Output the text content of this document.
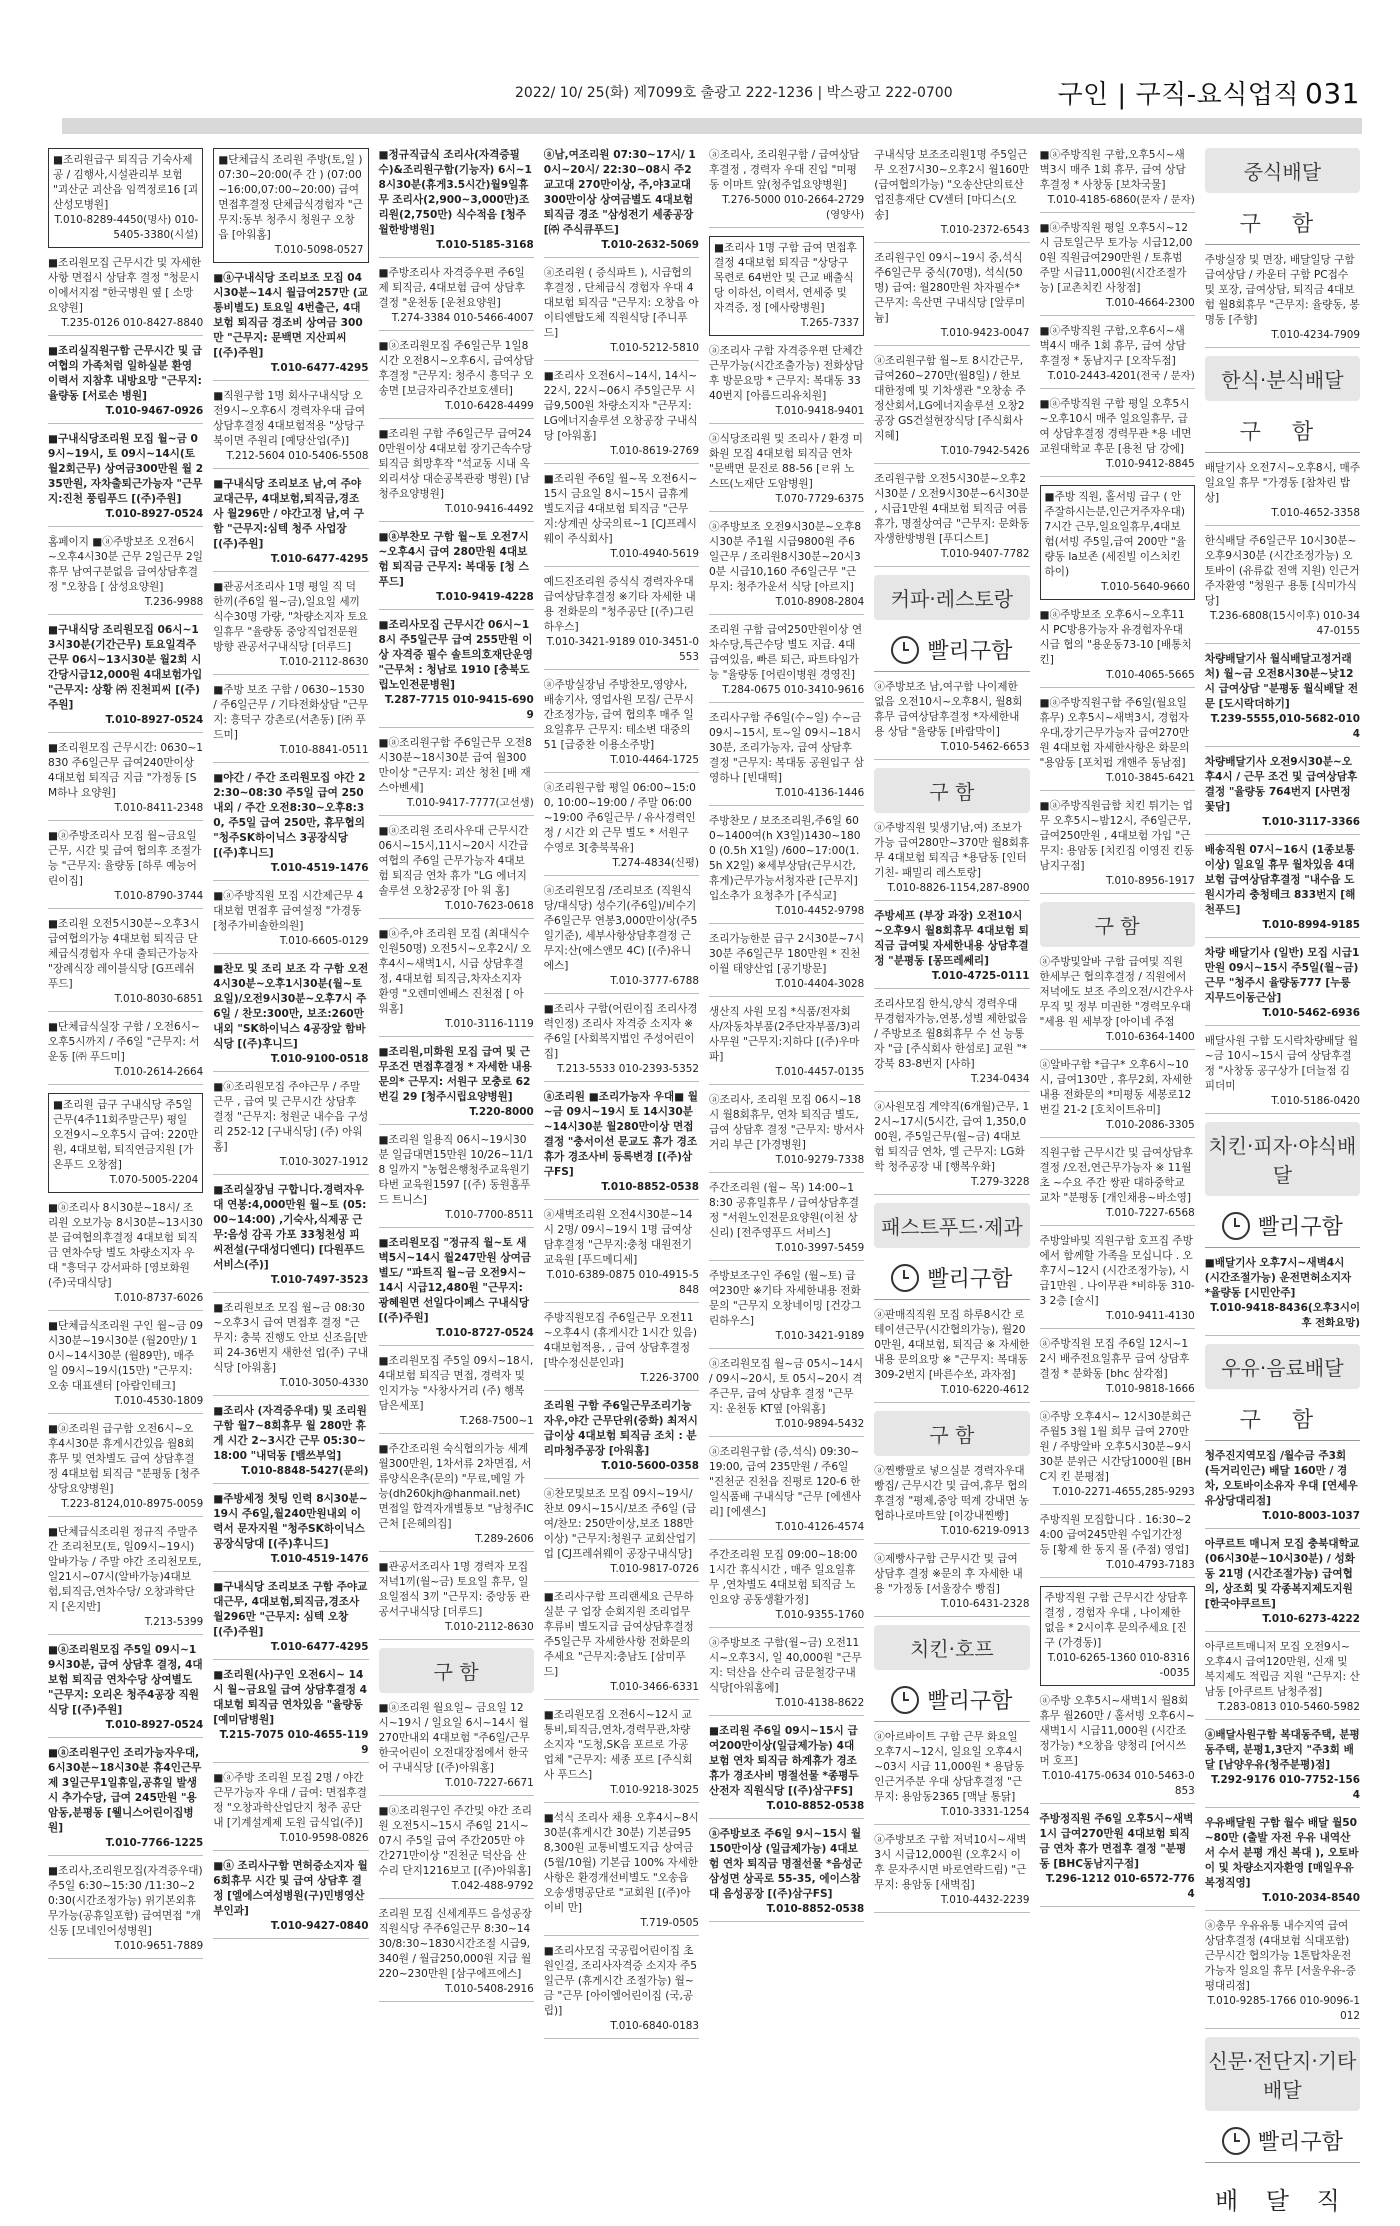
2022/ 10/ 25(화) 제7099호 출광고 222-1236 | 박스광고 222-0700	구인 | 구직-요식업직 031
■조리원급구 퇴직금 기숙사제공 / 김행사,시설관리부 보험 "괴산군 괴산읍 임꺽정로16 [괴산성모병원]
T.010-8289-4450(명사) 010-5405-3380(시설)
■조리원모집 근무시간 및 자세한사항 면접시 상담후 결정 "청문시 이에서지점 "한국병원 옆 [ 소망요양원]
T.235-0126 010-8427-8840
■조리실직원구함 근무시간 및 급여협의 가족처럼 일하실분 환영 이력서 지참후 내방요망 "근무지: 율량동 [서로손 병원]
T.010-9467-0926
■구내식당조리원 모집 월~금 09시~19시, 토 09시~14시(토 월2회근무) 상여금300만원 월 235만원, 자차출퇴근가능자 "근무지:진천 풍림푸드 [(주)주원]
T.010-8927-0524
홈페이지 ■ⓐ주방보조 오전6시~오후4시30분 근무 2일근무 2일휴무 남여구분없음 급여상담후결정 "오창읍 [ 삼성요양원]
T.236-9988
■구내식당 조리원모집 06시~13시30분(기간근무) 토요일격주근무 06시~13시30분 월2회 시간당시급12,000원 4대보험가입 "근무지: 상황 ㈜ 진천피씨 [(주)주원]
T.010-8927-0524
■조리원모집 근무시간: 0630~1830 주6일근무 급여240만이상 4대보험 퇴직금 지급 "가정동 [SM하나 요양원]
T.010-8411-2348
■ⓐ주방조리사 모집 월~금요일 근무, 시간 및 급여 협의후 조절가능 "근무지: 율량동 [하루 예능어린이집]
T.010-8790-3744
■조리원 오전5시30분~오후3시 급여협의가능 4대보험 퇴직금 단체급식경험자 우대 출퇴근가능자 "장례식장 레이블식당 [G프레쉬푸드]
T.010-8030-6851
■단체급식실장 구함 / 오전6시~오후5시까지 / 주6일 "근무지: 서운동 [㈜ 푸드미]
T.010-2614-2664
■조리원 급구 구내식당 주5일근무(4주11회주말근무) 평일 오전9시~오후5시 급여: 220만원, 4대보험, 퇴직연금지원 [가온푸드 오창점]
T.070-5005-2204
■ⓐ조리사 8시30분~18시/ 조리원 오보가능 8시30분~13시30분 급여협의후결정 4대보험 퇴직금 연차수당 별도 차량소지자 우대 "흥덕구 강서파하 [영보화원 (주)국대식당]
T.010-8737-6026
■단체급식조리원 구인 월~금 09시30분~19시30분 (월20만)/ 10시~14시30분 (월89만), 매주 일 09시~19시(15만) "근무지: 오송 대표센터 [아람인테크]
T.010-4530-1809
■ⓐ조리원 급구함 오전6시~오후4시30분 휴게시간있음 월8회휴무 및 연차별도 급여 상담후결정 4대보험 퇴직금 "분평동 [청주상당요양병원]
T.223-8124,010-8975-0059
■단체급식조리원 정규직 주말주간 조리천모(토, 일09시~19시)알바가능 / 주말 야간 조리천모토, 일21시~07시(알바가능)4대보험,퇴직금,연차수당/ 오창과학단지 [온지반]
T.213-5399
■ⓐ조리원모집 주5일 09시~19시30분, 급여 상담후 결정, 4대보험 퇴직금 연차수당 상여별도 "근무지: 오리온 청주4공장 직원식당 [(주)주원]
T.010-8927-0524
■ⓐ조리원구인 조리가능자우대,6시30분~18시30분 휴4인근무제 3일근무1일휴일,공휴일 발생시 추가수당, 급여 245만원 "용암동,분평동 [웰니스어린이집병원]
T.010-7766-1225
■조리사,조리원모집(자격증우대)주5일 6:30~15:30 /11:30~20:30(시간조정가능) 위기본외휴무가능(공휴일포함) 급여면접 "개신동 [모네인어성병원]
T.010-9651-7889
■단체급식 조리원 주방(토,일 )07:30~20:00(주 간 ) (07:00~16:00,07:00~20:00) 급여면접후결정 단체급식경험자 "근무지:동부 청주시 청원구 오창읍 [아워홈]
T.010-5098-0527
■ⓐ구내식당 조리보조 모집 04시30분~14시 월급여257만 (교통비별도) 토요일 4번출근, 4대보험 퇴직금 경조비 상여금 300만 "근무지: 문백면 지산피씨 [(주)주원]
T.010-6477-4295
■직원구함 1명 회사구내식당 오전9시~오후6시 경력자우대 급여상담후결정 4대보험적용 "상당구 북이면 주원리 [예당산업(주)]
T.212-5604 010-5406-5508
■구내식당 조리보조 남,여 주야 교대근무, 4대보험,퇴직금,경조사 월296만 / 야간고정 남,여 구함 "근무지:심텍 청주 사업장 [(주)주원]
T.010-6477-4295
■관공서조리사 1명 평일 직 덕 한끼(주6일 월~금),일요일 세끼 식수30명 가량, "차량소지자 토요일휴무 "율량동 중앙직업전문원 방향 관공서구내식당 [더루드]
T.010-2112-8630
■주방 보조 구함 / 0630~1530 / 주6일근무 / 기타전화상담 "근무지: 흥덕구 강촌로(서촌동) [㈜ 푸드미]
T.010-8841-0511
■야간 / 주간 조리원모집 야간 22:30~08:30 주5일 급여 250내외 / 주간 오전8:30~오후8:30, 주5일 급여 250만, 휴무협의 "청주SK하이닉스 3공장식당 [(주)후니드]
T.010-4519-1476
■ⓐ주방직원 모집 시간제근무 4대보험 면접후 급여설정 "가경동 [청주가비솔한의원]
T.010-6605-0129
■찬모 및 조리 보조 각 구함 오전4시30분~오후1시30분(월~토요일)/오전9시30분~오후7시 주6일 / 찬모:300만, 보조:260만내외 "SK하이닉스 4공장앞 함바식당 [(주)후니드]
T.010-9100-0518
■ⓐ조리원모집 주야근무 / 주말근무 , 급여 및 근무시간 상담후 결정 "근무지: 청원군 내수읍 구성리 252-12 [구내식당] (주) 아워홈]
T.010-3027-1912
■조리실장님 구합니다.경력자우대 연봉:4,000만원 월~토 (05:00~14:00) ,기숙사,식제공 근무:음성 감곡 가포 33청천성 피씨전설(구대성디엔디) [다원푸드서비스(주)]
T.010-7497-3523
■조리원보조 모집 월~금 08:30~오후3시 급여 면접후 결정 "근무지: 충북 진행도 안보 신조음[반피 24-36번지 새한선 업(주) 구내식당 [아워홈]
T.010-3050-4330
■조리사 (자격증우대) 및 조리원 구함 월7~8회휴무 월 280만 휴게 시간 2~3시간 근무 05:30~18:00 "내덕동 [뱀쓰부엌]
T.010-8848-5427(문의)
■주방세정 첫팅 인력 8시30분~19시 주6일,월240만원내외 이력서 문자지원 "청주SK하이닉스공장식당대 [(주)후니드]
T.010-4519-1476
■구내식당 조리보조 구함 주야교대근무, 4대보험,퇴직금,경조사 월296만 "근무지: 심텍 오창 [(주)주원]
T.010-6477-4295
■조리원(사)구인 오전6시~ 14시 월~금요일 급여 상담후결정 4대보험 퇴직금 연차있음 "율량동 [예미담병원]
T.215-7075 010-4655-1199
■ⓐ주방 조리원 모집 2명 / 야간 근무가능자 우대 / 급여: 면접후결정 "오창과학산업단지 청주 공단 내 [기계설계제 도원 급식업(주)]
T.010-9598-0826
■ⓐ 조리사구함 면허증소지자 월6회휴무 시간 및 급여 상담후 결정 [엘에스여성병원(구)민병영산부인과]
T.010-9427-0840
■정규직급식 조리사(자격증필수)&조리원구함(기능자) 6시~18시30분(휴게3.5시간)월9일휴무 조리사(2,900~3,000만)조리원(2,750만) 식수적음 [청주월한방병원]
T.010-5185-3168
■주방조리사 자격증우편 주6일제 퇴직금, 4대보험 급여 상담후 결정 "운천동 [운천요양원]
T.274-3384 010-5466-4007
■ⓐ조리원모집 주6일근무 1일8시간 오전8시~오후6시, 급여상담후결정 "근무지: 청주시 흥덕구 오송면 [보금자리주간보호센터]
T.010-6428-4499
■조리원 구함 주6일근무 급여240만원이상 4대보험 장기근속수당 퇴직금 희망후작 "석교동 시내 옥외리셔상 대순공복관광 병원) [남청주요양병원]
T.010-9416-4492
■ⓐ부찬모 구함 월~토 오전7시~오후4시 급여 280만원 4대보험 퇴직금 근무지: 복대동 [청 스푸드]
T.010-9419-4228
■조리사모집 근무시간 06시~18시 주5일근무 급여 255만원 이상 자격증 필수 솔트의호재단운영 "근무처 : 청남로 1910 [충북도립노인전문병원]
T.287-7715 010-9415-6909
■ⓐ조리원구함 주6일근무 오전8시30분~18시30분 급여 월300만이상 "근무지: 괴산 청천 [배 재스아벤세]
T.010-9417-7777(고선생)
■ⓐ조리원 조리사우대 근무시간06시~15시,11시~20시 시간급여협의 주6일 근무가능자 4대보험 퇴직금 연차 휴가 "LG 에너지 솔루션 오창2공장 [아 워 홈]
T.010-7623-0618
■ⓐ주,야 조리원 모집 (최대식수인원50명) 오전5시~오후2시/ 오후4시~새벽1시, 시급 상담후결정, 4대보험 퇴직금,차자소지자 환영 "오렌미엔베스 진천점 [ 아워홈]
T.010-3116-1119
■조리원,미화원 모집 급여 및 근무조건 면접후결정 * 자세한 내용문의* 근무지: 서원구 모충로 62번길 29 [청주시립요양병원]
T.220-8000
■조리원 일용직 06시~19시30분 일급대면15만원 10/26~11/18 일까지 "농협은행청주교육원기타번 교육원1597 [(주) 동원홈푸드 트니스]
T.010-7700-8511
■조리원모집 "정규직 월~토 새벽5시~14시 월247만원 상여금별도/ "파트직 월~금 오전9시~14시 시급12,480원 "근무지: 광혜원면 선일다이페스 구내식당 [(주)주원]
T.010-8727-0524
■조리원모집 주5일 09시~18시, 4대보험 퇴직금 면접, 경력자 및 인지가능 "사창사거리 (주) 행복담은세포]
T.268-7500~1
■주간조리원 숙식협의가능 세계 월300만원, 1차서류 2차면접, 서류양식은추(문의) "무료,메일 가능(dh260kjh@hanmail.net) 면접일 합격자개별통보 "남청주IC근처 [은혜의집]
T.289-2606
■관공서조리사 1명 경력자 모집 저녁1끼(월~금) 토요일 휴무, 일요일점식 3끼 "근무지: 중앙동 관공서구내식당 [더루드]
T.010-2112-8630
구 함
■ⓐ조리원 월요일~ 금요일 12시~19시 / 일요일 6시~14시 월 270만내외 4대보험 "주6일/근무 한국어린이 오전대장점에서 한국어 구내식당 [(주)아워홈]
T.010-7227-6671
■ⓐ조리원구인 주간및 야간 조리원 오전5시~15시 주6일 21시~07시 주5일 급여 주간205만 야간271만이상 "진천군 덕산읍 산수리 단지1216보고 [(주)아워홈]
T.042-488-9792
조리원 모집 신세계푸드 음성공장 직원식당 주주6일근무 8:30~1430/8:30~1830시간조절 시급9,340원 / 월급250,000원 지급 월220~230만원 [삼구에프에스]
T.010-5408-2916
ⓐ남,여조리원 07:30~17시/ 10시~20시/ 22:30~08시 주2교고대 270만이상, 주,야3교대 300만이상 상여금별도 4대보험 퇴직금 경조 "삼성전기 세종공장 [㈜ 주식큐푸드]
T.010-2632-5069
ⓐ조리원 ( 증식파트 ), 시급협의후결정 , 단체급식 경험자 우대 4대보험 퇴직금 "근무지: 오창읍 아이티엔탑도체 직원식당 [주니푸드]
T.010-5212-5810
■조리사 오전6시~14시, 14시~22시, 22시~06시 주5일근무 시급9,500원 차량소지자 "근무지: LG에너지솔루션 오창공장 구내식당 [아워홈]
T.010-8619-2769
■조리원 주6일 월~목 오전6시~15시 금요일 8시~15시 급휴게 별도지급 4대보험 퇴직금 "근무지:상계권 상국의료~1 [CJ프레시웨이 주식회사]
T.010-4940-5619
예드진조리원 증식식 경력자우대 급여상담후결정 ※기타 자세한 내용 전화문의 "청주공단 [(주)그린하우스]
T.010-3421-9189 010-3451-0553
ⓐ주방실장님 주방찬모,영양사, 배송기사, 영업사원 모집/ 근무시간조정가능, 급여 협의후 매주 일요일휴무 근무지: 테소변 대중의 51 [급중찬 이용소주방]
T.010-4464-1725
ⓐ조리원구함 평일 06:00~15:00, 10:00~19:00 / 주말 06:00~19:00 주6일근무 / 유사경력인정 / 시간 외 근무 별도 * 서원구 수영로 3[충북북유]
T.274-4834(신평)
ⓐ조리원모집 /조리보조 (직원식당/대식당) 성수기(주6일)/비수기 주6일근무 연봉3,000만이상(주5일기준), 세부사항상담후결정 근무지:산(에스앤모 4C) [(주)유니에스]
T.010-3777-6788
■조리사 구함(어린이집 조리사경력인정) 조리사 자격증 소지자 ※주6일 [사회복지법인 주성어린이집]
T.213-5533 010-2393-5352
ⓐ조리원 ■조리가능자 우대■ 월~금 09시~19시 토 14시30분~14시30분 월280만이상 면접결정 "충서이선 문교도 휴가 경조휴가 경조사비 등록변경 [(주)삼구FS]
T.010-8852-0538
ⓐ새벽조리원 오전4시30분~14시 2명/ 09시~19시 1명 급여상담후결정 "근무지:충청 대원전기교육원 [푸드메디세]
T.010-6389-0875 010-4915-5848
주방직원모집 주6일근무 오전11~오후4시 (휴게시간 1시간 있음) 4대보험적용, , 급여 상담후결정 [박수정신분인과]
T.226-3700
조리원 구함 주6일근무조리기능자우,야간 근무단위(중화) 최저시급이상 4대보험 퇴직금 조치 : 분리마청주공장 [아워홈]
T.010-5600-0358
ⓐ찬모및보조 모집 09시~19시/찬보 09시~15시/보조 주6일 (급여/찬모: 250만이상,보조 188만이상) "근무지:청원구 교회산업기업 [CJ프레쉬웨이 공장구내식당]
T.010-9817-0726
■조리사구함 프리랜세요 근무하실분 구 업장 순회지원 조리업무 후류비 별도지급 급여상담후결정 주5일근무 자세한사항 전화문의주세요 "근무지:충남도 [삼미푸드]
T.010-3466-6331
■조리원모집 오전6시~12시 교통비,퇴직금,연차,경력무관,차량소지자 "도청,SK음 포르로 가공 업체 "근무지: 세종 포르 [주식회사 푸드스]
T.010-9218-3025
■석식 조리사 채용 오후4시~8시30분(휴게시간 30분) 기본급958,300원 교통비별도지급 상여금(5월/10월) 기본급 100% 자세한 사항은 환경개선비별도 "오송읍 오송생명공단로 "교회원 [(주)아이비 만]
T.719-0505
■조리사모집 국공립어린이집 초원인걸, 조리사자격증 소지자 주5일근무 (휴게시간 조절가능) 월~금 "근무 [아이엠어린이집 (국,공립)]
T.010-6840-0183
ⓐ조리사, 조리원구함 / 급여상담후결정 , 경력자 우대 진입 "미평동 이마트 앞(청주업요양병원]
T.276-5000 010-2664-2729(영양사)
■조리사 1명 구함 급여 면접후 결정 4대보험 퇴직금 "상당구 목련로 64번안 및 근교 배출식당 이하선, 이력서, 연세중 및 자격증, 정 [에사랑병원]
T.265-7337
ⓐ조리사 구함 자격증우편 단체간근무가능(시간조출가능) 전화상담후 방문요망 * 근무지: 복대동 3340번지 [아름드리유치원]
T.010-9418-9401
ⓐ식당조리원 및 조리사 / 환경 미화원 모집 4대보험 퇴직금 연차 "문백면 문진로 88-56 [ㄹ위 노스뜨(노재단 도암병원]
T.070-7729-6375
ⓐ주방보조 오전9시30분~오후8시30분 주1월 시급9800원 주6일근무 / 조리원8시30분~20시30분 시급10,160 주6일근무 "근무지: 청주가운서 식당 [아르지]
T.010-8908-2804
조리원 구함 급여250만원이상 연차수당,특근수당 별도 지급. 4대 급여있음, 빠른 퇴근, 파트타임가능 "율량동 [어린이병원 경영진]
T.284-0675 010-3410-9616
조리사구함 주6일(수~일) 수~금 09시~15시, 토~일 09시~18시30분, 조리가능자, 급여 상담후 결정 "근무지: 복대동 공원입구 삼영하나 [빈대떡]
T.010-4136-1446
주방찬모 / 보조조리원,주6일 600~1400여(h X3일)1430~1800 (0.5h X1일) /600~17:00(1.5h X2일) ※세부상담(근무시간,휴게)근무가능서청자관 [근무지] 입소추가 요청추가 [주식교]
T.010-4452-9798
조리가능한분 급구 2시30분~7시30분 주6일근무 180만원 * 진천 이월 태양산업 [공기방문]
T.010-4404-3028
생산직 사원 모집 *식품/전자회사/자동차부품(2주단자부품/3)리사무원 "근무지:지하다 [(주)우마파]
T.010-4457-0135
ⓐ조리사, 조리원 모집 06시~18시 월8회휴무, 연차 퇴직금 별도, 급여 상담후 결정 "근무지: 방서사거리 부근 [가경병원]
T.010-9279-7338
주간조리원 (월~ 목) 14:00~18:30 공휴일휴무 / 급여상담후결정 "서원노인전문요양원(이천 상신리) [전주영푸드 서비스]
T.010-3997-5459
주방보조구인 주6일 (월~토) 급여230만 ※기타 자세한내용 전화문의 "근무지 오창네이밍 [건강그린하우스]
T.010-3421-9189
ⓐ조리원모집 월~금 05시~14시 / 09시~20시, 토 05시~20시 격주근무, 급여 상담후 결정 "근무지: 운천동 KT옆 [아워홈]
T.010-9894-5432
ⓐ조리원구함 (증,석식) 09:30~19:00, 급여 235만원 / 주6일 "진천군 진천읍 진평로 120-6 한일식품배 구내식당 "근무 [에센사리] [에센스]
T.010-4126-4574
주간조리원 모집 09:00~18:00 1시간 휴식시간 , 매주 일요일휴무 ,연차별도 4대보험 퇴직금 노인요양 공동생활가정]
T.010-9355-1760
ⓐ주방보조 구함(월~금) 오전11시~오후3시, 일 40,000원 "근무지: 덕산읍 산수리 금문철강구내식당[아워홈에]
T.010-4138-8622
■조리원 주6일 09시~15시 급여200만이상(일급제가능) 4대보험 연차 퇴직금 하계휴가 경조휴가 경조사비 명절선물 *종평두산전자 직원식당 [(주)삼구FS]
T.010-8852-0538
ⓐ주방보조 주6일 9시~15시 월150만이상 (일급제가능) 4대보험 연차 퇴직금 명절선물 *음성군 삼성면 상곡로 55-35, 에이스참대 음성공장 [(주)삼구FS]
T.010-8852-0538
구내식당 보조조리원1명 주5일근무 오전7시30~오후2시 월160만(급여협의가능) "오송산단의료산업진흥재단 CV센터 [마디스(오송]
T.010-2372-6543
조리원구인 09시~19시 중,석식 주6일근무 중식(70명), 석식(50명) 급여: 월280만원 차자필수* 근무지: 옥산면 구내식당 [알루미늄]
T.010-9423-0047
ⓐ조리원구함 월~토 8시간근무, 급여260~270만(월8일) / 한보대한정예 및 기차생관 "오창송 주정산회서,LG에너지솔루션 오창2공장 GS건설현장식당 [주식회사 지혜]
T.010-7942-5426
조리원구함 오전5시30분~오후2시30분 / 오전9시30분~6시30분 , 시급1만원 4대보험 퇴직금 여름휴가, 명절상여금 "근무지: 문화동 자생한방병원 [푸디스트]
T.010-9407-7782
커파·레스토랑
빨리구함
ⓐ주방보조 남,여구함 나이제한 없음 오전10시~오후8시, 월8회휴무 급여상담후결정 *자세한내용 상담 "율량동 [바람막이]
T.010-5462-6653
구 함
ⓐ주방직원 및생기남,여) 조보가가능 급여280만~370만 월8회휴무 4대보험 퇴직금 *용담동 [인터기친- 패밀리 레스토랑]
T.010-8826-1154,287-8900
주방세프 (부장 과장) 오전10시~오후9시 월8회휴무 4대보험 퇴직금 급여및 자세한내용 상담후결정 "분평동 [몽뜨레쎄리]
T.010-4725-0111
조리사모집 한식,양식 경력우대 무경험자가능,연봉,성별 제한없음 / 주방보조 월8회휴무 수 선 능통자 "급 [주식회사 한섬로] 교원 "*강북 83-8번지 [사하]
T.234-0434
ⓐ사원모집 계약직(6개월)근무, 12시~17시(5시간, 급여 1,350,000원, 주5일근무(월~금) 4대보험 퇴직금 연차, 엘 근무지: LG화학 청주공장 내 [행복우화]
T.279-3228
패스트푸드·제과
빨리구함
ⓐ판매직직원 모집 하루8시간 로테이션근무(시간협의가능), 월200만원, 4대보험, 퇴직금 ※ 자세한내용 문의요망 ※ "근무지: 복대동 309-2번지 [바른수쏘, 과자점]
T.010-6220-4612
구 함
ⓐ찐빵팔로 넣으실분 경력자우대 빵집/ 근무시간 및 급여,휴무 협의후결정 "평제,중앙 떡계 강내면 농협하나로마트앞 [이강내찐빵]
T.010-6219-0913
ⓐ제빵사구함 근무시간 및 급여 상담후 결정 ※문의 후 자세한 내용 "가정동 [서울장수 빵집]
T.010-6431-2328
치킨·호프
빨리구함
ⓐ아르바이트 구함 근무 화요일 오후7시~12시, 일요일 오후4시~03시 시급 11,000원 * 용담동 인근거주분 우대 상담후결정 "근무지: 용암동2365 [맥날 통닭]
T.010-3331-1254
ⓐ주방보조 구함 저녁10시~새벽3시 시급12,000원 (오후2시 이후 문자주시면 바로연락드림) "근무지: 용암동 [새벽집]
T.010-4432-2239
■ⓐ주방직원 구함,오후5시~새벽3시 매주 1회 휴무, 급여 상담후결정 * 사창동 [보차국물]
T.010-4185-6860(문자 / 문자)
■ⓐ주방직원 평일 오후5시~12시 금토일근무 토가능 시급12,000원 직원급여290만원 / 토휴범 주말 시급11,000원(시간조절가능) [교촌치킨 사창점]
T.010-4664-2300
■ⓐ주방직원 구함,오후6시~새벽4시 매주 1회 휴무, 급여 상담후결정 * 동남지구 [오작두점]
T.010-2443-4201(전국 / 문자)
■ⓐ주방직원 구함 평일 오후5시~오후10시 매주 일요일휴무, 급여 상담후결정 경력무관 *용 네면 교원대학교 후문 [용천 담 강에]
T.010-9412-8845
■주방 직원, 홀서빙 급구 ( 안주잘하시는분,인근거주자우대) 7시간 근무,일요일휴무,4대보험(서빙 주5일,급여 200만 "율량동 la보존 (세진빌 이스치킨하이)
T.010-5640-9660
■ⓐ주방보조 오후6시~오후11시 PC방용가능자 유경험자우대 시급 협의 "용운동73-10 [배통치킨]
T.010-4065-5665
■ⓐ주방직원구함 주6일(월요일 휴무) 오후5시~새벽3시, 경험자우대,장기근무가능자 급여270만원 4대보험 자세한사항은 화문의 "용암동 [포치펍 개핸주 동남점]
T.010-3845-6421
■ⓐ주방직원급함 치킨 튀기는 업무 오후5시~밤12시, 주6일근무, 급여250만원 , 4대보험 가입 "근무지: 용암동 [치킨집 이영진 킨동남지구점]
T.010-8956-1917
구 함
ⓐ주방및알바 구함 급여및 직원 한세부근 협의후결정 / 직원에서 저녁에도 보조 주의오전/시간우사 무직 및 정부 미권한 "경력모우대 "세용 원 세부장 [아이네 주점
T.010-6364-1400
ⓐ알바구함 *급구* 오후6시~10시, 급여130만 , 휴무2회, 자세한내용 전화문의 *미평동 세봉로12번길 21-2 [호치이트유미]
T.010-2086-3305
직원구함 근무시간 및 급여상담후결정 /오전,연근무가능자 ※ 11월 초 ~수요 주간 쌍판 대하중학교 교차 "분평동 [개인채용~바소영]
T.010-7227-6568
주방알바및 직원구함 호프집 주방에서 함께할 가족을 모십니다 . 오후7시~12시 (시간조정가능), 시급1만원 . 나이무관 *비하동 310-3 2층 [술시]
T.010-9411-4130
ⓐ주방직원 모집 주6일 12시~12시 배주전요일휴무 급여 상담후결정 * 분화동 [bhc 삼각점]
T.010-9818-1666
ⓐ주방 오후4시~ 12시30분희근 주월5 3월 1월 희무 급여 270만원 / 주방알바 오후5시30분~9시30분 분위근 시간당1000원 [BHC지 킨 분평점]
T.010-2271-4655,285-9293
주방직원 모집합니다 . 16:30~24:00 급여245만원 수입기간정 등 [황제 한 동지 몰 (주점) 영업]
T.010-4793-7183
주방직원 구함 근무시간 상담후결정 , 경험자 우대 , 나이제한 없음 * 2시이후 문의주세요 [진구 (가경동)]
T.010-6265-1360 010-8316-0035
ⓐ주방 오후5시~새벽1시 월8회휴무 월260만 / 홀서빙 오후6시~새벽1시 시급11,000원 (시간조정가능) *오창읍 양청리 [어시쓰머 호프]
T.010-4175-0634 010-5463-0853
주방정직원 주6일 오후5시~새벽1시 급여270만원 4대보험 퇴직금 연차 휴가 면접후 결정 "분평동 [BHC동남지구점]
T.296-1212 010-6572-7764
중식배달
구 함
주방실장 및 면장, 배달일당 구함 급여상담 / 카운터 구함 PC접수 및 포장, 급여상담, 퇴직금 4대보험 월8회휴무 "근무지: 율량동, 봉명동 [주향]
T.010-4234-7909
한식·분식배달
구 함
배달기사 오전7시~오후8시, 매주 일요일 휴무 "가경동 [참차린 밥상]
T.010-4652-3358
한식배달 주6일근무 10시30분~오후9시30분 (시간조정가능) 오토바이 (유류값 전액 지원) 인근거주자환영 "청원구 용통 [식미가식당]
T.236-6808(15시이후) 010-3447-0155
차량배달기사 월식배달고정거래처) 월~금 오전8시30분~낮12시 급여상담 "분평동 월식배달 전문 [도시락더하기]
T.239-5555,010-5682-0104
차량배달기사 오전9시30분~오후4시 / 근무 조건 및 급여상담후결정 "율량동 764번지 [사면정 꽃담]
T.010-3117-3366
배송직원 07시~16시 (1종보통이상) 일요일 휴무 월차있음 4대보험 급여상담후결정 "내수읍 도원시가리 충청테크 833번지 [해천푸드]
T.010-8994-9185
차량 배달기사 (일반) 모집 시급1만원 09시~15시 주5일(월~금) 근무 "청주시 율량동777 [누룽지무드이동근삼]
T.010-5462-6936
배달사원 구함 도시락차량배달 월~금 10시~15시 급여 상담후결정 "사창동 공구상가 [더늘점 김피더미
T.010-5186-0420
치킨·피자·야식배달
빨리구함
■배달기사 오후7시~새벽4시 (시간조절가능) 운전면허소지자 *율량동 [시민안주]
T.010-9418-8436(오후3시이후 전화요망)
우유·음료배달
구 함
청주진지역모집 /월수금 주3회(득거리인근) 배달 160만 / 경차, 오토바이소유자 우대 [연세우유상당대리점]
T.010-8003-1037
아쿠르트 매니저 모집 충북대학교(06시30분~10시30분) / 성화동 21명 (시간조절가능) 급여협의, 상조회 및 각종복지제도지원 [한국야쿠르트]
T.010-6273-4222
아쿠르트매니저 모집 오전9시~오후4시 급여120만원, 신재 및 복지제도 적립금 지원 "근무지: 산남동 [아쿠르트 남청주점]
T.283-0813 010-5460-5982
ⓐ배달사원구함 복대동주택, 분평동주택, 분평1,3단지 "주3회 배달 [남양우유(청주분평)점]
T.292-9176 010-7752-1564
우유배달원 구함 월수 배달 월50~80만 (출발 자전 우유 내역산서 수서 분평 개신 복대 ), 오토바이 및 차량소지자환영 [매일우유복정직영]
T.010-2034-8540
ⓐ총무 우유유통 내수지역 급여 상담후결정 (4대보험 식대포함) 근무시간 협의가능 1톤탑차운전가능자 일요일 휴무 [서울우유-증평대리점]
T.010-9285-1766 010-9096-1012
신문·전단지·기타배달
빨리구함
배 달 직
